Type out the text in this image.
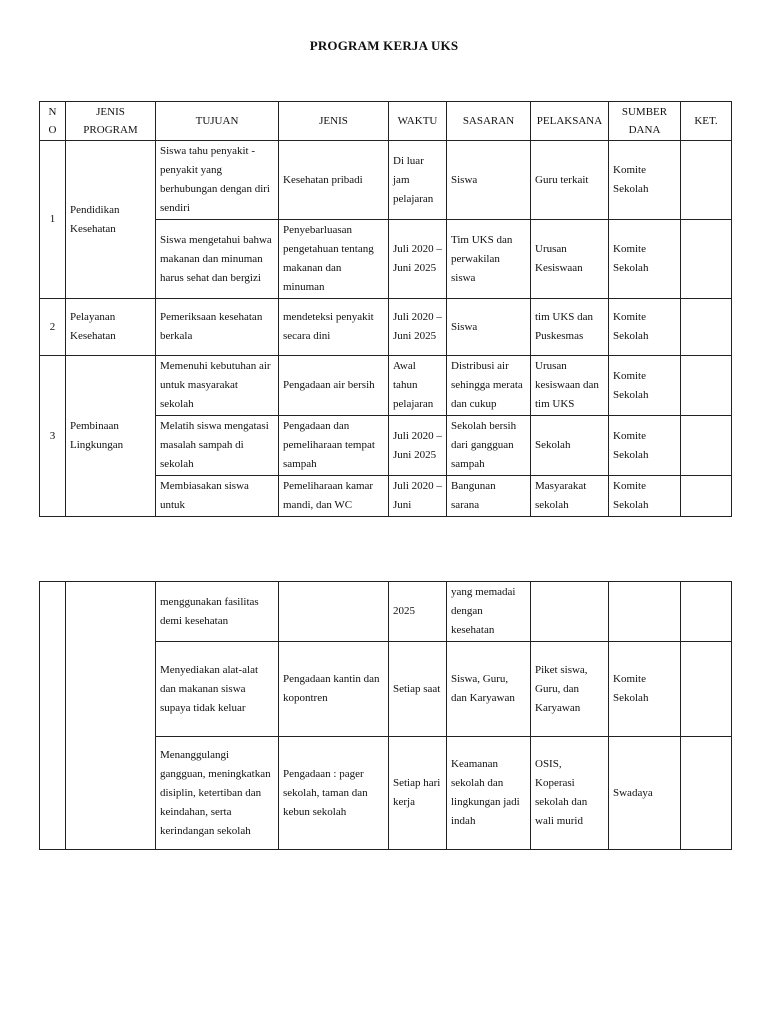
PROGRAM KERJA UKS
N O	JENIS PROGRAM	TUJUAN	JENIS	WAKTU	SASARAN	PELAKSANA	SUMBER DANA	KET.
1	Pendidikan Kesehatan	Siswa tahu penyakit - penyakit yang berhubungan dengan diri sendiri	Kesehatan pribadi	Di luar jam pelajaran	Siswa	Guru terkait	Komite Sekolah	
		Siswa mengetahui bahwa makanan dan minuman harus sehat dan bergizi	Penyebarluasan pengetahuan tentang makanan dan minuman	Juli 2020 – Juni 2025	Tim UKS dan perwakilan siswa	Urusan Kesiswaan	Komite Sekolah	
2	Pelayanan Kesehatan	Pemeriksaan kesehatan berkala	mendeteksi penyakit secara dini	Juli 2020 – Juni 2025	Siswa	tim UKS dan Puskesmas	Komite Sekolah	
3	Pembinaan Lingkungan	Memenuhi kebutuhan air untuk masyarakat sekolah	Pengadaan air bersih	Awal tahun pelajaran	Distribusi air sehingga merata dan cukup	Urusan kesiswaan dan tim UKS	Komite Sekolah	
		Melatih siswa mengatasi masalah sampah di sekolah	Pengadaan dan pemeliharaan tempat sampah	Juli 2020 – Juni 2025	Sekolah bersih dari gangguan sampah	Sekolah	Komite Sekolah	
		Membiasakan siswa untuk	Pemeliharaan kamar mandi, dan WC	Juli 2020 – Juni	Bangunan sarana	Masyarakat sekolah	Komite Sekolah	
		menggunakan fasilitas demi kesehatan		2025	yang memadai dengan kesehatan			
		Menyediakan alat-alat dan makanan siswa supaya tidak keluar	Pengadaan kantin dan kopontren	Setiap saat	Siswa, Guru, dan Karyawan	Piket siswa, Guru, dan Karyawan	Komite Sekolah	
		Menanggulangi gangguan, meningkatkan disiplin, ketertiban dan keindahan, serta kerindangan sekolah	Pengadaan : pager sekolah, taman dan kebun sekolah	Setiap hari kerja	Keamanan sekolah dan lingkungan jadi indah	OSIS, Koperasi sekolah dan wali murid	Swadaya	
